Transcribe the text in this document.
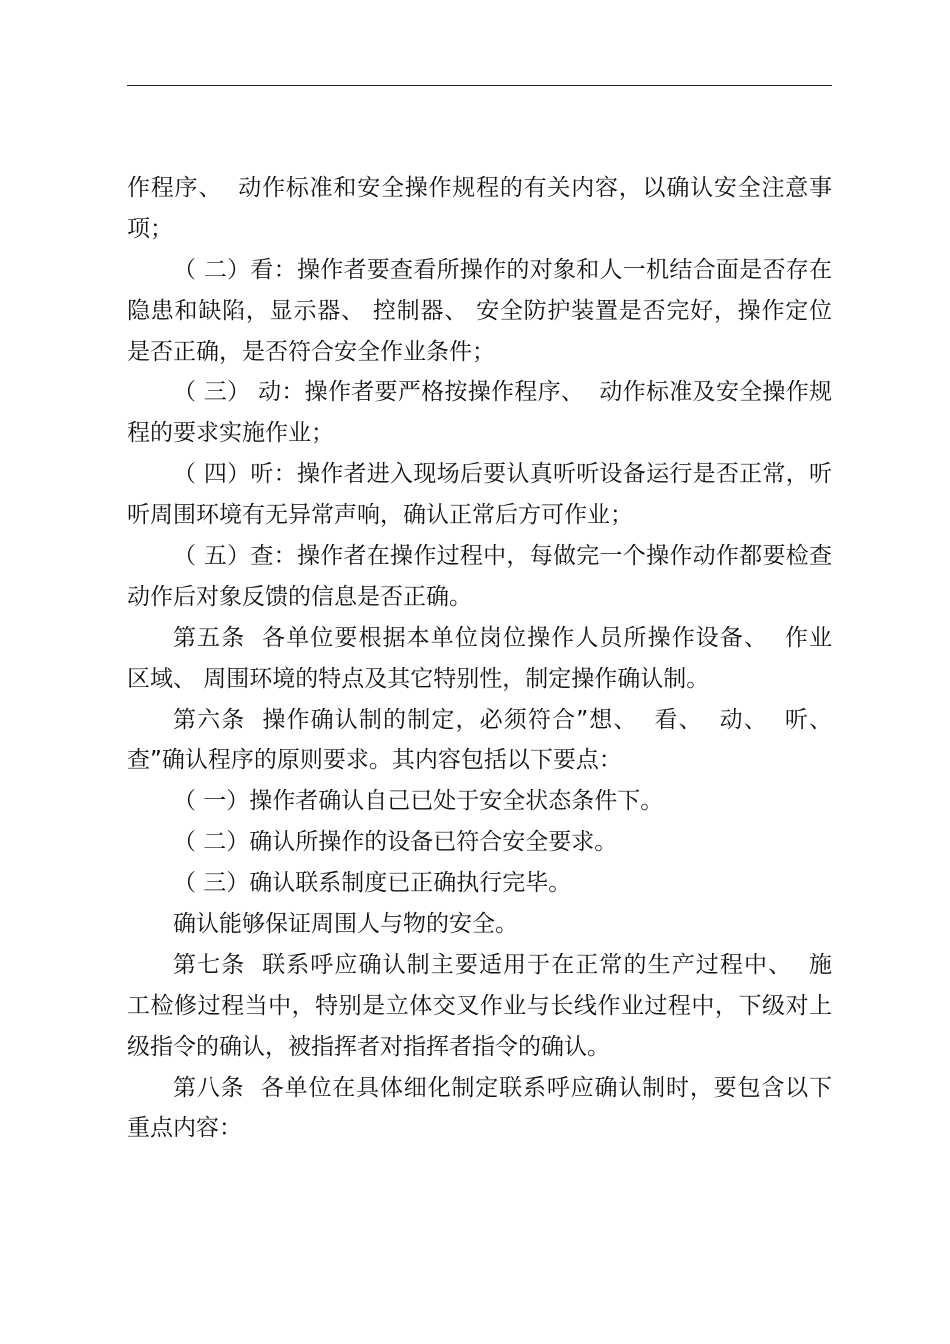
作程序、  动作标准和安全操作规程的有关内容，以确认安全注意事
项；
（ 二）看：操作者要查看所操作的对象和人一机结合面是否存在
隐患和缺陷，显示器、 控制器、 安全防护装置是否完好，操作定位
是否正确，是否符合安全作业条件；
（ 三） 动：操作者要严格按操作程序、  动作标准及安全操作规
程的要求实施作业；
（ 四）听：操作者进入现场后要认真听听设备运行是否正常，听
听周围环境有无异常声响，确认正常后方可作业；
（ 五）查：操作者在操作过程中，每做完一个操作动作都要检查
动作后对象反馈的信息是否正确。
第五条  各单位要根据本单位岗位操作人员所操作设备、  作业
区域、 周围环境的特点及其它特别性，制定操作确认制。
第六条  操作确认制的制定，必须符合”想、  看、  动、  听、
查”确认程序的原则要求。其内容包括以下要点：
（ 一）操作者确认自己已处于安全状态条件下。
（ 二）确认所操作的设备已符合安全要求。
（ 三）确认联系制度已正确执行完毕。
确认能够保证周围人与物的安全。
第七条  联系呼应确认制主要适用于在正常的生产过程中、  施
工检修过程当中，特别是立体交叉作业与长线作业过程中，下级对上
级指令的确认，被指挥者对指挥者指令的确认。
第八条  各单位在具体细化制定联系呼应确认制时，要包含以下
重点内容：
